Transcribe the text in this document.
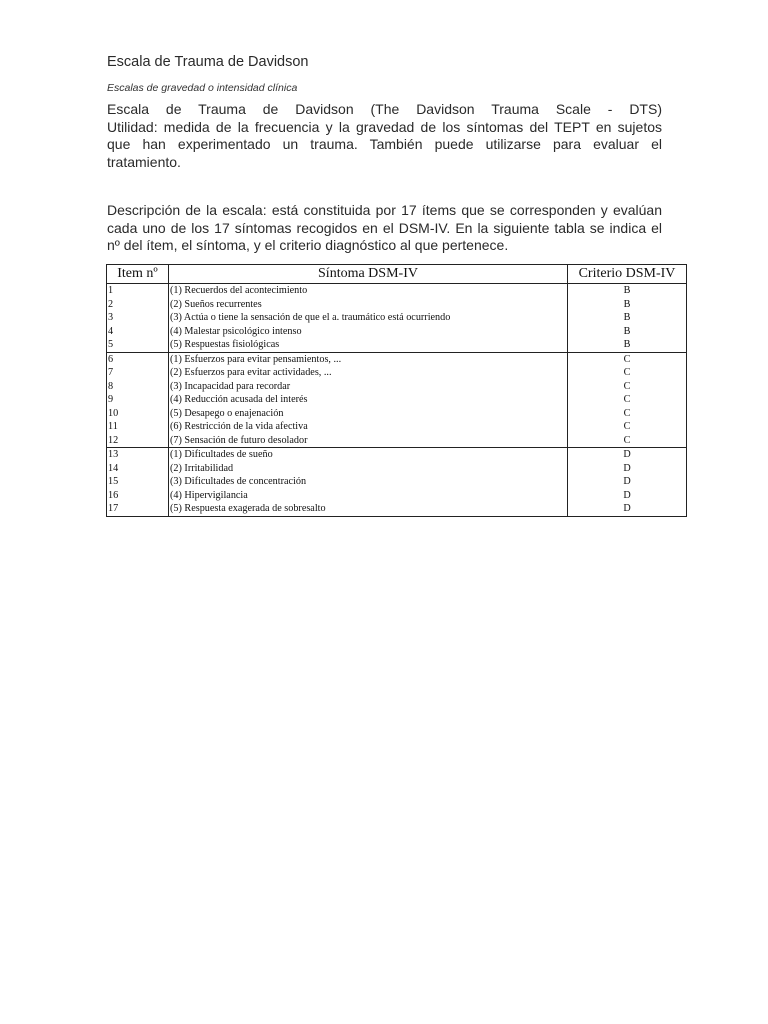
Escala de Trauma de Davidson
Escalas de gravedad o intensidad clínica
Escala de Trauma de Davidson (The Davidson Trauma Scale - DTS)
Utilidad: medida de la frecuencia y la gravedad de los síntomas del TEPT en sujetos
que han experimentado un trauma. También puede utilizarse para evaluar el
tratamiento.
Descripción de la escala: está constituida por 17 ítems que se corresponden y evalúan
cada uno de los 17 síntomas recogidos en el DSM-IV. En la siguiente tabla se indica el
nº del ítem, el síntoma, y el criterio diagnóstico al que pertenece.
Item nº	Síntoma DSM-IV	Criterio DSM-IV
1	(1) Recuerdos del acontecimiento	B
2	(2) Sueños recurrentes	B
3	(3) Actúa o tiene la sensación de que el a. traumático está ocurriendo	B
4	(4) Malestar psicológico intenso	B
5	(5) Respuestas fisiológicas	B
6	(1) Esfuerzos para evitar pensamientos, ...	C
7	(2) Esfuerzos para evitar actividades, ...	C
8	(3) Incapacidad para recordar	C
9	(4) Reducción acusada del interés	C
10	(5) Desapego o enajenación	C
11	(6) Restricción de la vida afectiva	C
12	(7) Sensación de futuro desolador	C
13	(1) Dificultades de sueño	D
14	(2) Irritabilidad	D
15	(3) Dificultades de concentración	D
16	(4) Hipervigilancia	D
17	(5) Respuesta exagerada de sobresalto	D
